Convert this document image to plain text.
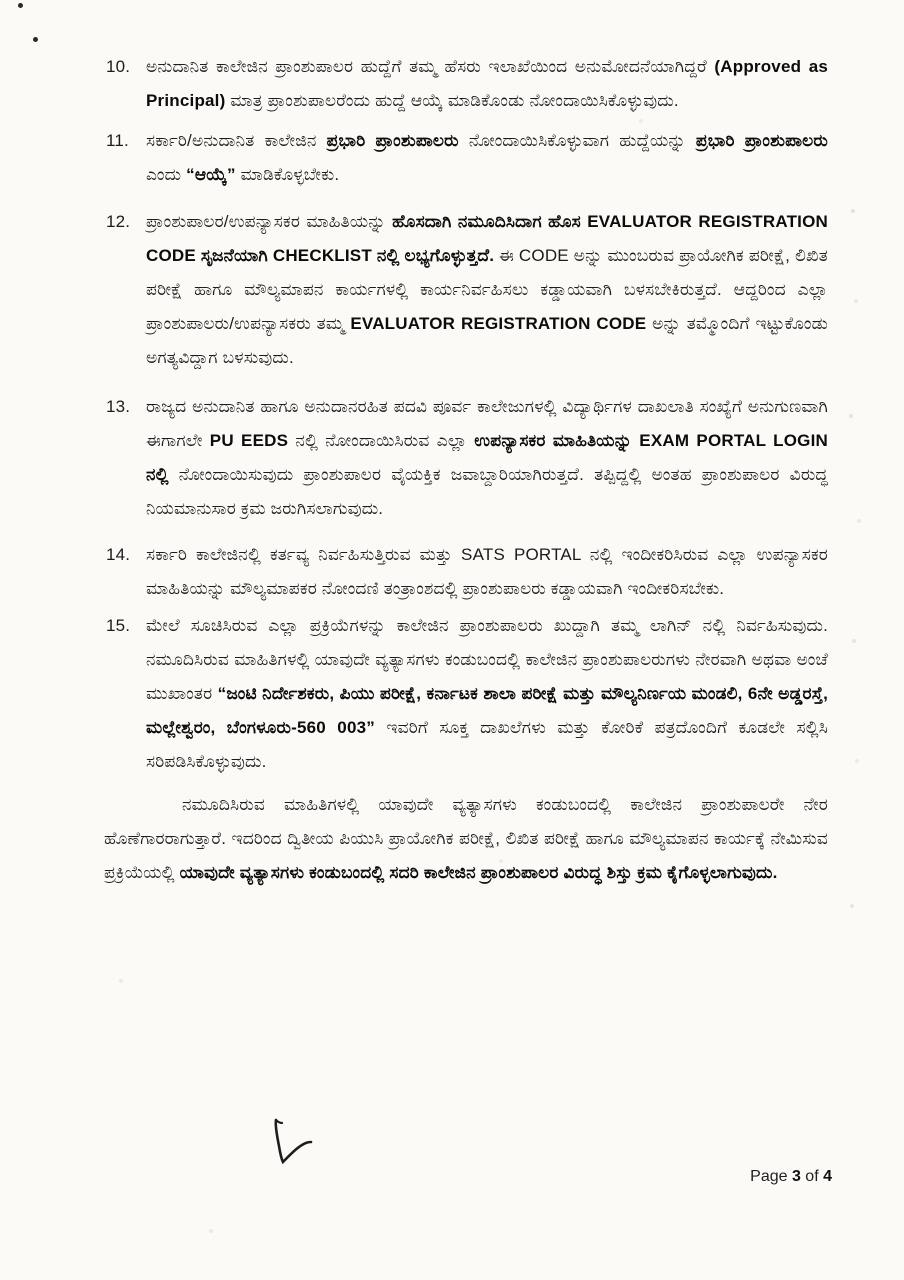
10. ಅನುದಾನಿತ ಕಾಲೇಜಿನ ಪ್ರಾಂಶುಪಾಲರ ಹುದ್ದೆಗೆ ತಮ್ಮ ಹೆಸರು ಇಲಾಖೆಯಿಂದ ಅನುಮೋದನೆಯಾಗಿದ್ದರೆ (Approved as Principal) ಮಾತ್ರ ಪ್ರಾಂಶುಪಾಲರೆಂದು ಹುದ್ದೆ ಆಯ್ಕೆ ಮಾಡಿಕೊಂಡು ನೋಂದಾಯಿಸಿಕೊಳ್ಳುವುದು.
11.	ಸರ್ಕಾರಿ/ಅನುದಾನಿತ ಕಾಲೇಜಿನ ಪ್ರಭಾರಿ ಪ್ರಾಂಶುಪಾಲರು ನೋಂದಾಯಿಸಿಕೊಳ್ಳುವಾಗ ಹುದ್ದೆಯನ್ನು ಪ್ರಭಾರಿ ಪ್ರಾಂಶುಪಾಲರು ಎಂದು “ಆಯ್ಕೆ” ಮಾಡಿಕೊಳ್ಳಬೇಕು.
12. ಪ್ರಾಂಶುಪಾಲರ/ಉಪನ್ಯಾಸಕರ ಮಾಹಿತಿಯನ್ನು ಹೊಸದಾಗಿ ನಮೂದಿಸಿದಾಗ ಹೊಸ EVALUATOR REGISTRATION CODE ಸೃಜನೆಯಾಗಿ CHECKLIST ನಲ್ಲಿ ಲಭ್ಯಗೊಳ್ಳುತ್ತದೆ. ಈ CODE ಅನ್ನು ಮುಂಬರುವ ಪ್ರಾಯೋಗಿಕ ಪರೀಕ್ಷೆ, ಲಿಖಿತ ಪರೀಕ್ಷೆ ಹಾಗೂ ಮೌಲ್ಯಮಾಪನ ಕಾರ್ಯಗಳಲ್ಲಿ ಕಾರ್ಯನಿರ್ವಹಿಸಲು ಕಡ್ಡಾಯವಾಗಿ ಬಳಸಬೇಕಿರುತ್ತದೆ. ಆದ್ದರಿಂದ ಎಲ್ಲಾ ಪ್ರಾಂಶುಪಾಲರು/ಉಪನ್ಯಾಸಕರು ತಮ್ಮ EVALUATOR REGISTRATION CODE ಅನ್ನು ತಮ್ಮೊಂದಿಗೆ ಇಟ್ಟುಕೊಂಡು ಅಗತ್ಯವಿದ್ದಾಗ ಬಳಸುವುದು.
13. ರಾಜ್ಯದ ಅನುದಾನಿತ ಹಾಗೂ ಅನುದಾನರಹಿತ ಪದವಿ ಪೂರ್ವ ಕಾಲೇಜುಗಳಲ್ಲಿ ವಿದ್ಯಾರ್ಥಿಗಳ ದಾಖಲಾತಿ ಸಂಖ್ಯೆಗೆ ಅನುಗುಣವಾಗಿ ಈಗಾಗಲೇ PU EEDS ನಲ್ಲಿ ನೋಂದಾಯಿಸಿರುವ ಎಲ್ಲಾ ಉಪನ್ಯಾಸಕರ ಮಾಹಿತಿಯನ್ನು EXAM PORTAL LOGIN ನಲ್ಲಿ ನೋಂದಾಯಿಸುವುದು ಪ್ರಾಂಶುಪಾಲರ ವೈಯಕ್ತಿಕ ಜವಾಬ್ದಾರಿಯಾಗಿರುತ್ತದೆ. ತಪ್ಪಿದ್ದಲ್ಲಿ ಅಂತಹ ಪ್ರಾಂಶುಪಾಲರ ವಿರುದ್ಧ ನಿಯಮಾನುಸಾರ ಕ್ರಮ ಜರುಗಿಸಲಾಗುವುದು.
14. ಸರ್ಕಾರಿ ಕಾಲೇಜಿನಲ್ಲಿ ಕರ್ತವ್ಯ ನಿರ್ವಹಿಸುತ್ತಿರುವ ಮತ್ತು SATS PORTAL ನಲ್ಲಿ ಇಂದೀಕರಿಸಿರುವ ಎಲ್ಲಾ ಉಪನ್ಯಾಸಕರ ಮಾಹಿತಿಯನ್ನು ಮೌಲ್ಯಮಾಪಕರ ನೋಂದಣಿ ತಂತ್ರಾಂಶದಲ್ಲಿ ಪ್ರಾಂಶುಪಾಲರು ಕಡ್ಡಾಯವಾಗಿ ಇಂದೀಕರಿಸಬೇಕು.
15. ಮೇಲೆ ಸೂಚಿಸಿರುವ ಎಲ್ಲಾ ಪ್ರಕ್ರಿಯೆಗಳನ್ನು ಕಾಲೇಜಿನ ಪ್ರಾಂಶುಪಾಲರು ಖುದ್ದಾಗಿ ತಮ್ಮ ಲಾಗಿನ್ ನಲ್ಲಿ ನಿರ್ವಹಿಸುವುದು. ನಮೂದಿಸಿರುವ ಮಾಹಿತಿಗಳಲ್ಲಿ ಯಾವುದೇ ವ್ಯತ್ಯಾಸಗಳು ಕಂಡುಬಂದಲ್ಲಿ ಕಾಲೇಜಿನ ಪ್ರಾಂಶುಪಾಲರುಗಳು ನೇರವಾಗಿ ಅಥವಾ ಅಂಚೆ ಮುಖಾಂತರ “ಜಂಟಿ ನಿರ್ದೇಶಕರು, ಪಿಯು ಪರೀಕ್ಷೆ, ಕರ್ನಾಟಕ ಶಾಲಾ ಪರೀಕ್ಷೆ ಮತ್ತು ಮೌಲ್ಯನಿರ್ಣಯ ಮಂಡಲಿ, 6ನೇ ಅಡ್ಡರಸ್ತೆ, ಮಲ್ಲೇಶ್ವರಂ, ಬೆಂಗಳೂರು-560 003” ಇವರಿಗೆ ಸೂಕ್ತ ದಾಖಲೆಗಳು ಮತ್ತು ಕೋರಿಕೆ ಪತ್ರದೊಂದಿಗೆ ಕೂಡಲೇ ಸಲ್ಲಿಸಿ ಸರಿಪಡಿಸಿಕೊಳ್ಳುವುದು.
ನಮೂದಿಸಿರುವ ಮಾಹಿತಿಗಳಲ್ಲಿ ಯಾವುದೇ ವ್ಯತ್ಯಾಸಗಳು ಕಂಡುಬಂದಲ್ಲಿ ಕಾಲೇಜಿನ ಪ್ರಾಂಶುಪಾಲರೇ ನೇರ ಹೊಣೆಗಾರರಾಗುತ್ತಾರೆ. ಇದರಿಂದ ದ್ವಿತೀಯ ಪಿಯುಸಿ ಪ್ರಾಯೋಗಿಕ ಪರೀಕ್ಷೆ, ಲಿಖಿತ ಪರೀಕ್ಷೆ ಹಾಗೂ ಮೌಲ್ಯಮಾಪನ ಕಾರ್ಯಕ್ಕೆ ನೇಮಿಸುವ ಪ್ರಕ್ರಿಯೆಯಲ್ಲಿ ಯಾವುದೇ ವ್ಯತ್ಯಾಸಗಳು ಕಂಡುಬಂದಲ್ಲಿ ಸದರಿ ಕಾಲೇಜಿನ ಪ್ರಾಂಶುಪಾಲರ ವಿರುದ್ಧ ಶಿಸ್ತು ಕ್ರಮ ಕೈಗೊಳ್ಳಲಾಗುವುದು.
Page 3 of 4
